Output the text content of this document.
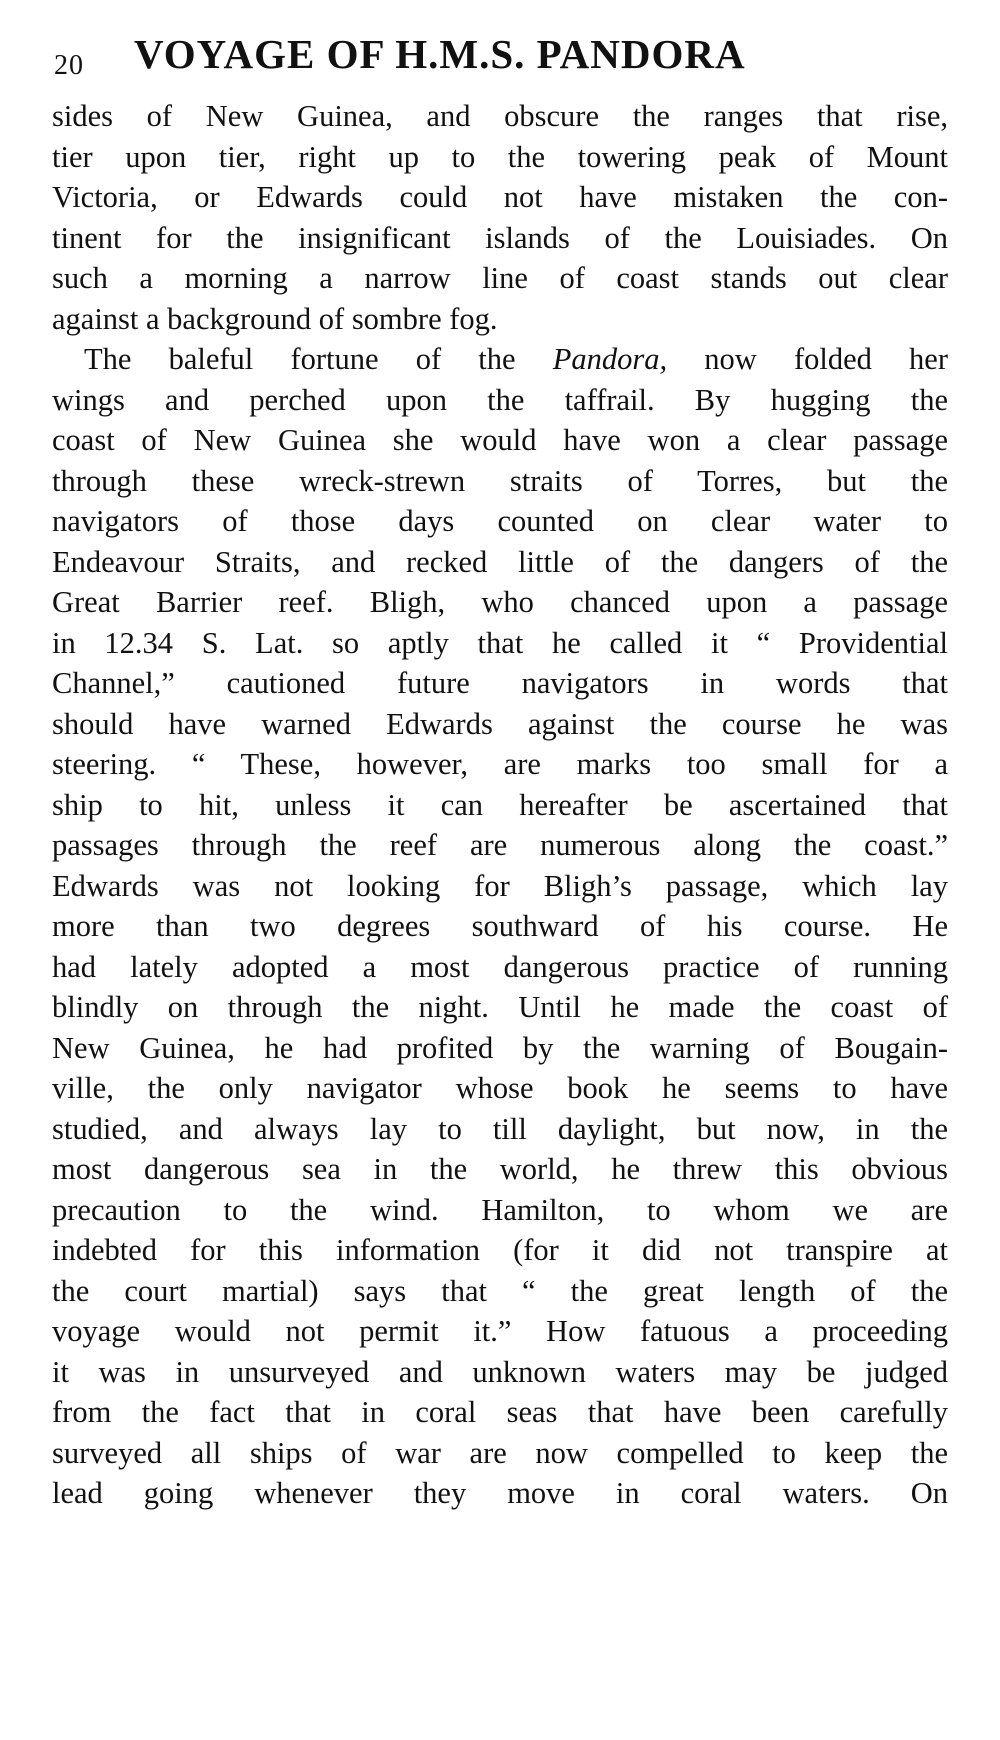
20 VOYAGE OF H.M.S. PANDORA
sides of New Guinea, and obscure the ranges that rise,
tier upon tier, right up to the towering peak of Mount
Victoria, or Edwards could not have mistaken the con-
tinent for the insignificant islands of the Louisiades. On
such a morning a narrow line of coast stands out clear
against a background of sombre fog.
The baleful fortune of the Pandora, now folded her
wings and perched upon the taffrail. By hugging the
coast of New Guinea she would have won a clear passage
through these wreck-strewn straits of Torres, but the
navigators of those days counted on clear water to
Endeavour Straits, and recked little of the dangers of the
Great Barrier reef. Bligh, who chanced upon a passage
in 12.34 S. Lat. so aptly that he called it “ Providential
Channel,” cautioned future navigators in words that
should have warned Edwards against the course he was
steering. “ These, however, are marks too small for a
ship to hit, unless it can hereafter be ascertained that
passages through the reef are numerous along the coast.”
Edwards was not looking for Bligh’s passage, which lay
more than two degrees southward of his course. He
had lately adopted a most dangerous practice of running
blindly on through the night. Until he made the coast of
New Guinea, he had profited by the warning of Bougain-
ville, the only navigator whose book he seems to have
studied, and always lay to till daylight, but now, in the
most dangerous sea in the world, he threw this obvious
precaution to the wind. Hamilton, to whom we are
indebted for this information (for it did not transpire at
the court martial) says that “ the great length of the
voyage would not permit it.” How fatuous a proceeding
it was in unsurveyed and unknown waters may be judged
from the fact that in coral seas that have been carefully
surveyed all ships of war are now compelled to keep the
lead going whenever they move in coral waters. On
